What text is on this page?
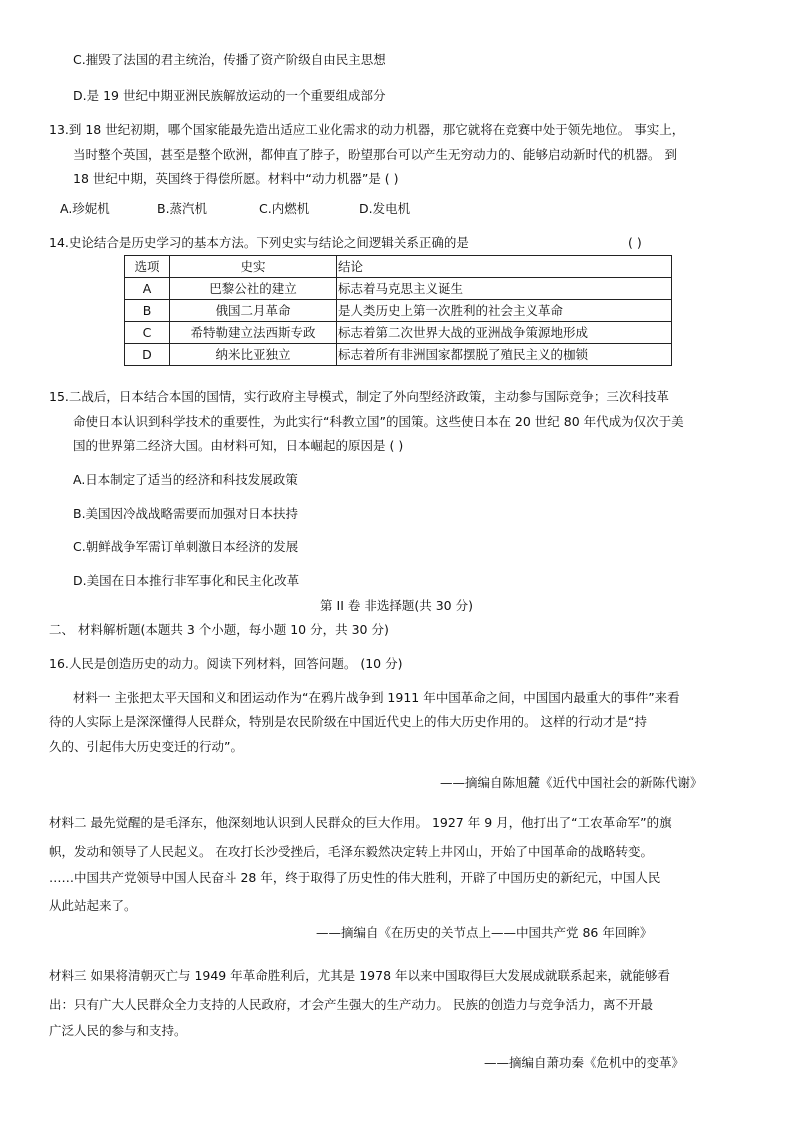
C.摧毁了法国的君主统治，传播了资产阶级自由民主思想
D.是 19 世纪中期亚洲民族解放运动的一个重要组成部分
13.到 18 世纪初期，哪个国家能最先造出适应工业化需求的动力机器，那它就将在竞赛中处于领先地位。 事实上，
当时整个英国，甚至是整个欧洲，都伸直了脖子，盼望那台可以产生无穷动力的、能够启动新时代的机器。 到
18 世纪中期，英国终于得偿所愿。材料中“动力机器”是 ( )
A.珍妮机	B.蒸汽机	C.内燃机	D.发电机
14.史论结合是历史学习的基本方法。下列史实与结论之间逻辑关系正确的是	( )
选项	史实	结论
A	巴黎公社的建立	标志着马克思主义诞生
B	俄国二月革命	是人类历史上第一次胜利的社会主义革命
C	希特勒建立法西斯专政	标志着第二次世界大战的亚洲战争策源地形成
D	纳米比亚独立	标志着所有非洲国家都摆脱了殖民主义的枷锁
15.二战后，日本结合本国的国情，实行政府主导模式，制定了外向型经济政策，主动参与国际竞争；三次科技革
命使日本认识到科学技术的重要性，为此实行“科教立国”的国策。这些使日本在 20 世纪 80 年代成为仅次于美
国的世界第二经济大国。由材料可知，日本崛起的原因是 ( )
A.日本制定了适当的经济和科技发展政策
B.美国因冷战战略需要而加强对日本扶持
C.朝鲜战争军需订单刺激日本经济的发展
D.美国在日本推行非军事化和民主化改革
第 II 卷 非选择题(共 30 分)
二、 材料解析题(本题共 3 个小题，每小题 10 分，共 30 分)
16.人民是创造历史的动力。阅读下列材料，回答问题。 (10 分)
材料一 主张把太平天国和义和团运动作为“在鸦片战争到 1911 年中国革命之间，中国国内最重大的事件”来看
待的人实际上是深深懂得人民群众，特别是农民阶级在中国近代史上的伟大历史作用的。 这样的行动才是“持
久的、引起伟大历史变迁的行动”。
——摘编自陈旭麓《近代中国社会的新陈代谢》
材料二 最先觉醒的是毛泽东，他深刻地认识到人民群众的巨大作用。 1927 年 9 月，他打出了“工农革命军”的旗
帜，发动和领导了人民起义。 在攻打长沙受挫后，毛泽东毅然决定转上井冈山，开始了中国革命的战略转变。
……中国共产党领导中国人民奋斗 28 年，终于取得了历史性的伟大胜利，开辟了中国历史的新纪元，中国人民
从此站起来了。
——摘编自《在历史的关节点上——中国共产党 86 年回眸》
材料三 如果将清朝灭亡与 1949 年革命胜利后，尤其是 1978 年以来中国取得巨大发展成就联系起来，就能够看
出：只有广大人民群众全力支持的人民政府，才会产生强大的生产动力。 民族的创造力与竞争活力，离不开最
广泛人民的参与和支持。
——摘编自萧功秦《危机中的变革》
